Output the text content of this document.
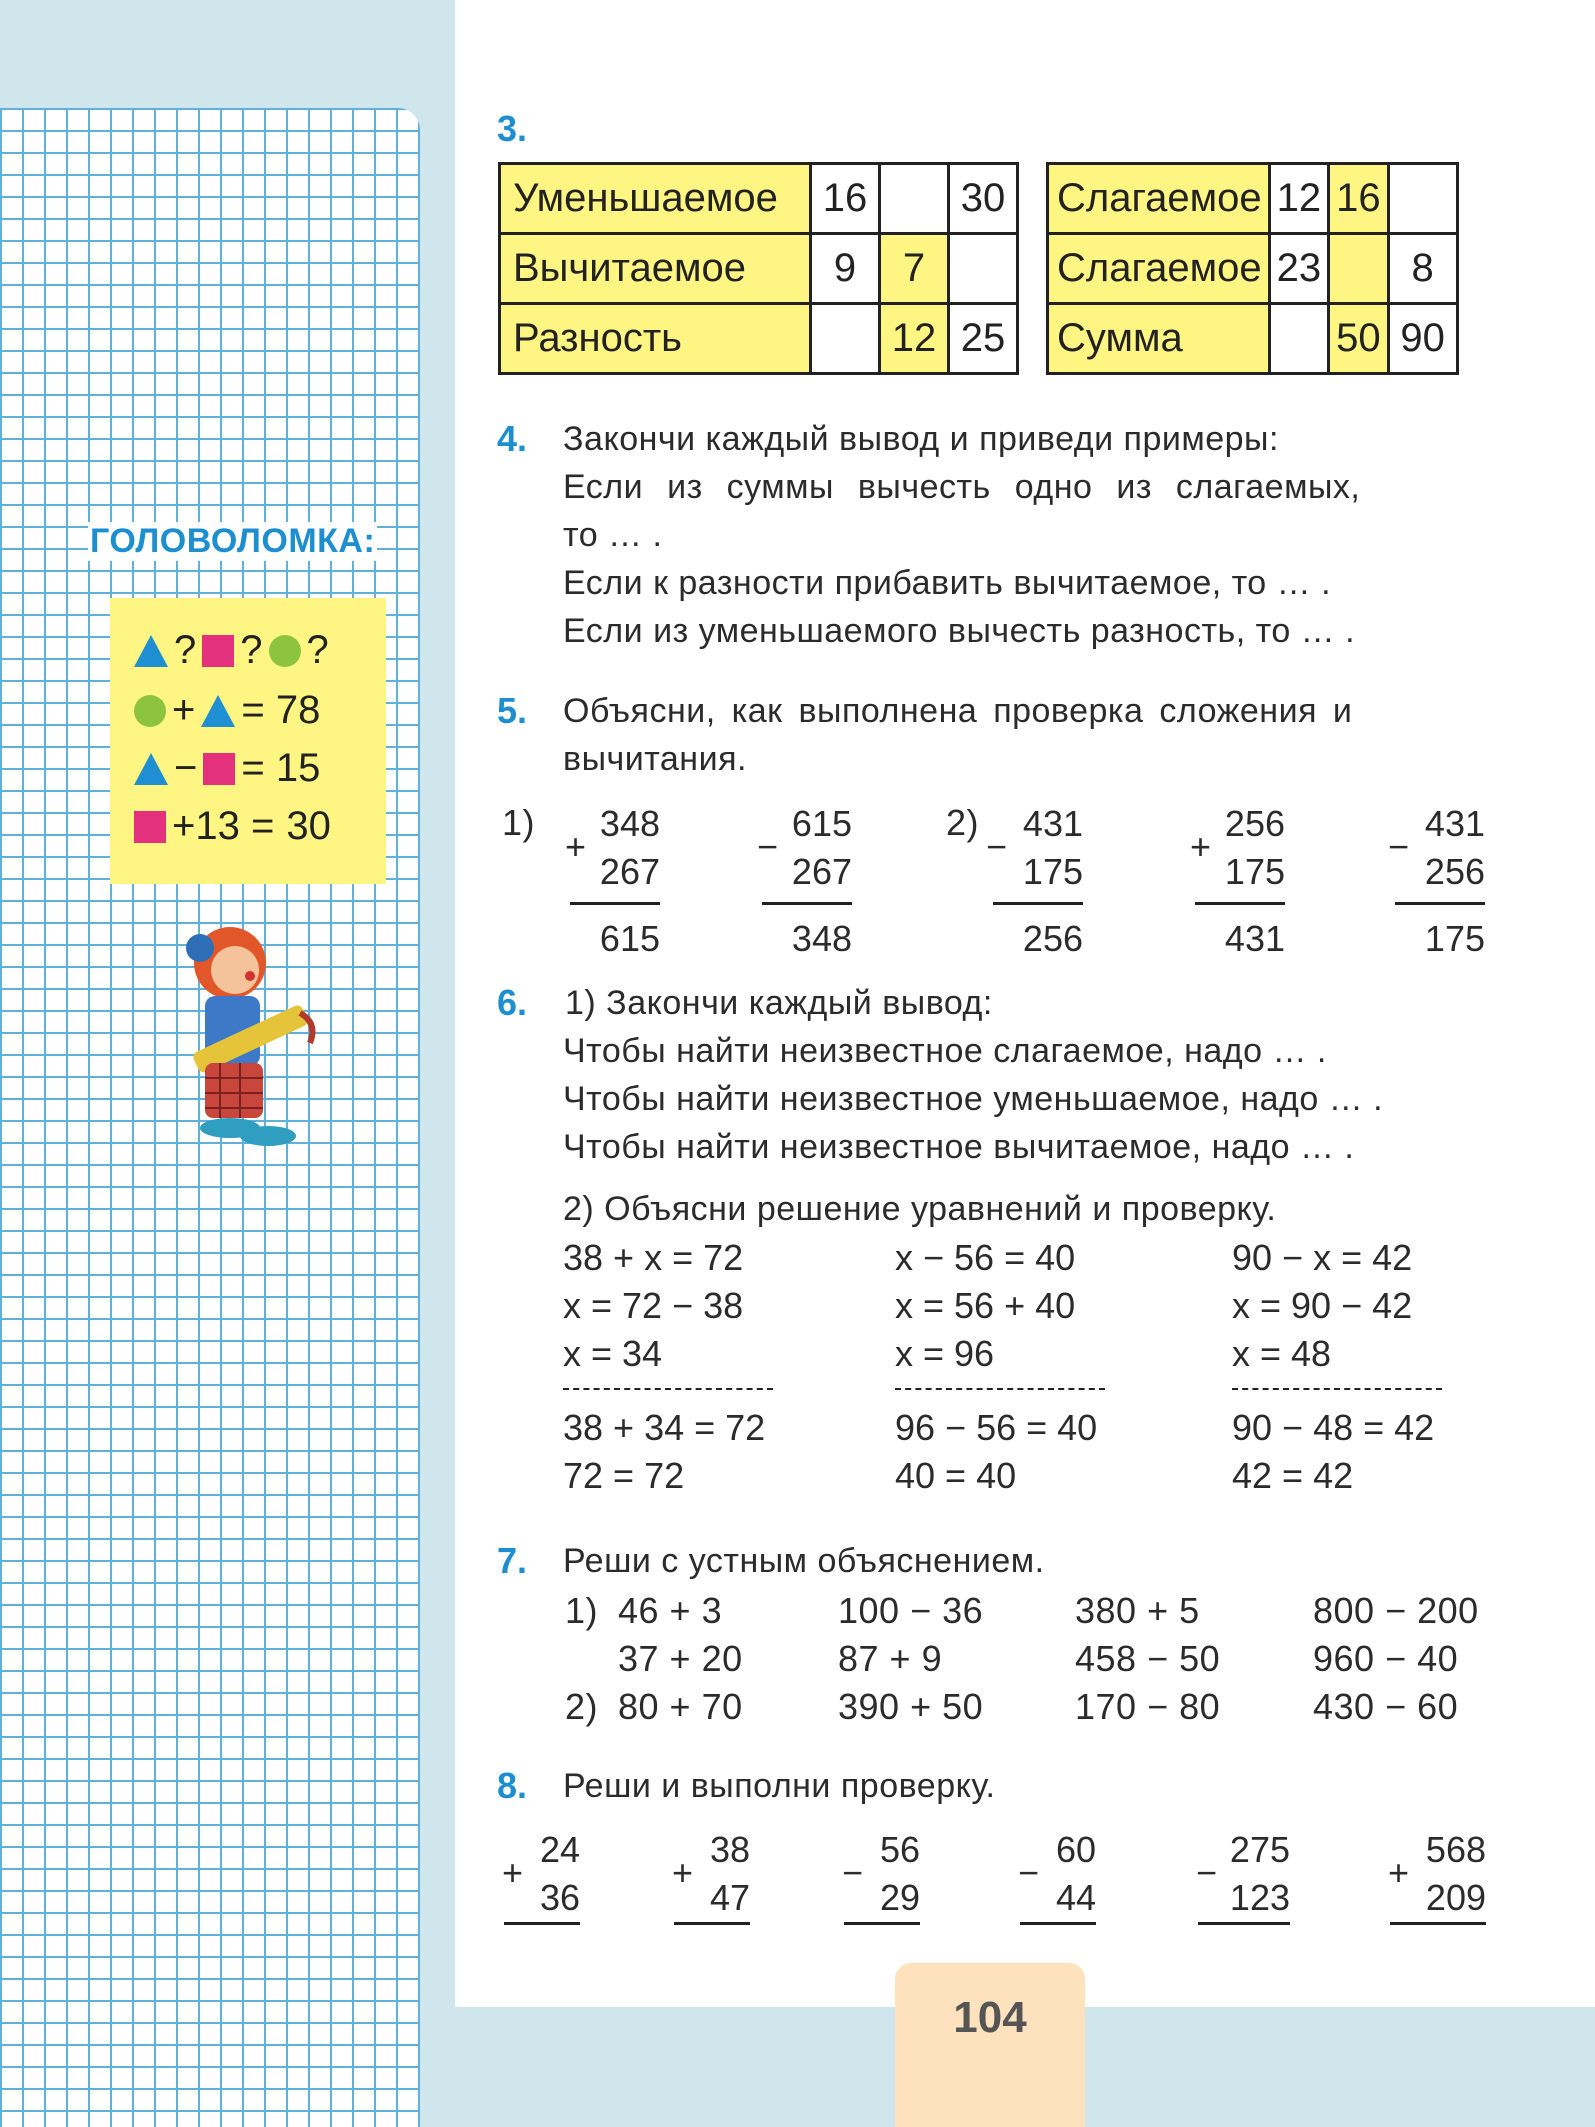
ГОЛОВОЛОМКА:
? ? ?
+ = 78
− = 15
+13 = 30
3.
Уменьшаемое	16		30
Вычитаемое	9	7	
Разность		12	25
Слагаемое	12	16	
Слагаемое	23		8
Сумма		50	90
4. Закончи каждый вывод и приведи примеры:
Если из суммы вычесть одно из слагаемых,
то … .
Если к разности прибавить вычитаемое, то … .
Если из уменьшаемого вычесть разность, то … .
5. Объясни, как выполнена проверка сложения и
вычитания.
1)	2)
+
348
267
615
−
615
267
348
−
431
175
256
+
256
175
431
−
431
256
175
6. 1) Закончи каждый вывод:
Чтобы найти неизвестное слагаемое, надо … .
Чтобы найти неизвестное уменьшаемое, надо … .
Чтобы найти неизвестное вычитаемое, надо … .
2) Объясни решение уравнений и проверку.
38 + x = 72
x = 72 − 38
x = 34
38 + 34 = 72
72 = 72
x − 56 = 40
x = 56 + 40
x = 96
96 − 56 = 40
40 = 40
90 − x = 42
x = 90 − 42
x = 48
90 − 48 = 42
42 = 42
7. Реши с устным объяснением.
1)
2)
46 + 3	100 − 36	380 + 5	800 − 200
37 + 20	87 + 9	458 − 50	960 − 40
80 + 70	390 + 50	170 − 80	430 − 60
8. Реши и выполни проверку.
+
24
36
+
38
47
−
56
29
−
60
44
−
275
123
+
568
209
104
